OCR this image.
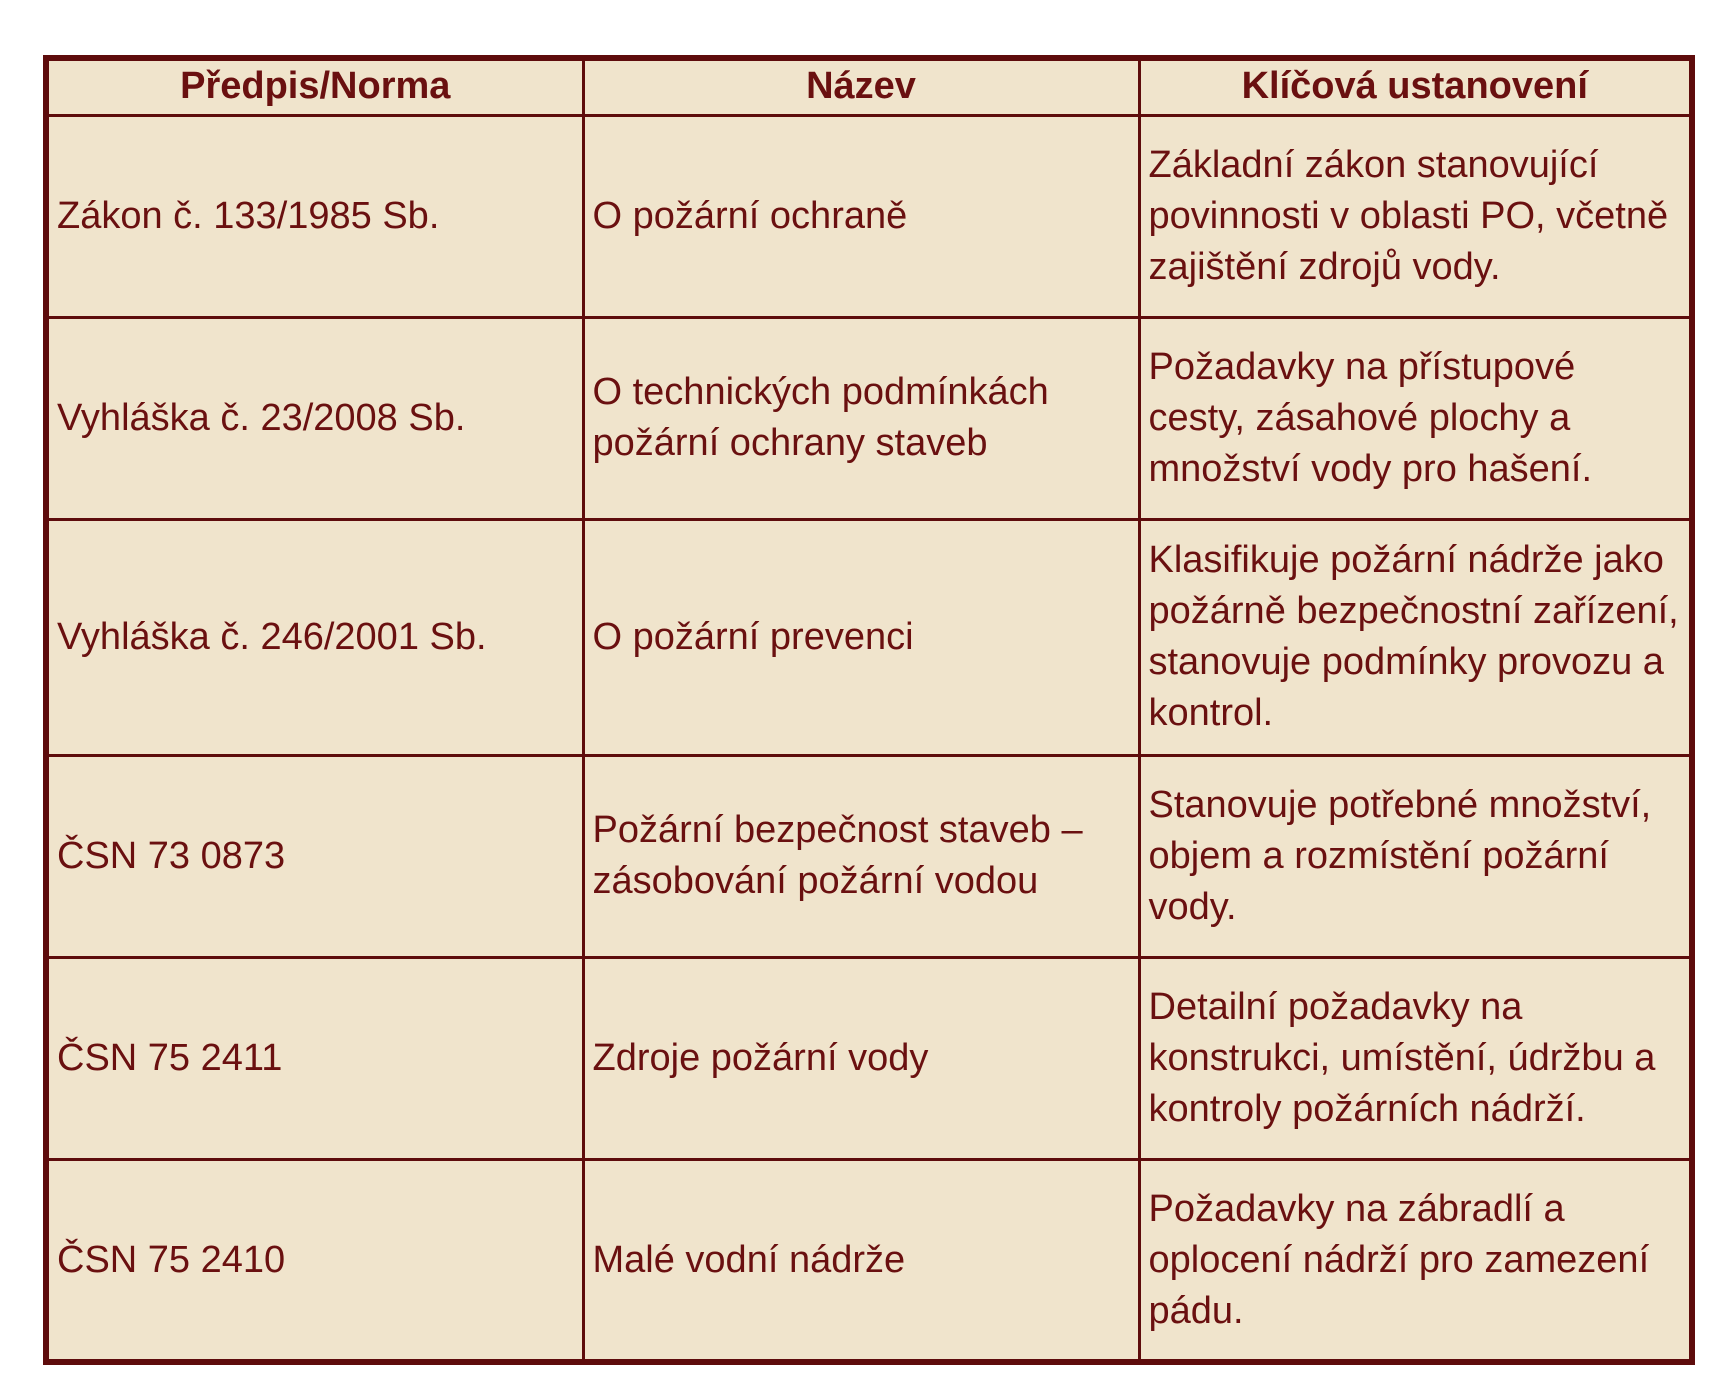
Předpis/Norma	Název	Klíčová ustanovení
Zákon č. 133/1985 Sb.	O požární ochraně	Základní zákon stanovující povinnosti v oblasti PO, včetně zajištění zdrojů vody.
Vyhláška č. 23/2008 Sb.	O technických podmínkách požární ochrany staveb	Požadavky na přístupové cesty, zásahové plochy a množství vody pro hašení.
Vyhláška č. 246/2001 Sb.	O požární prevenci	Klasifikuje požární nádrže jako požárně bezpečnostní zařízení, stanovuje podmínky provozu a kontrol.
ČSN 73 0873	Požární bezpečnost staveb – zásobování požární vodou	Stanovuje potřebné množství, objem a rozmístění požární vody.
ČSN 75 2411	Zdroje požární vody	Detailní požadavky na konstrukci, umístění, údržbu a kontroly požárních nádrží.
ČSN 75 2410	Malé vodní nádrže	Požadavky na zábradlí a oplocení nádrží pro zamezení pádu.
